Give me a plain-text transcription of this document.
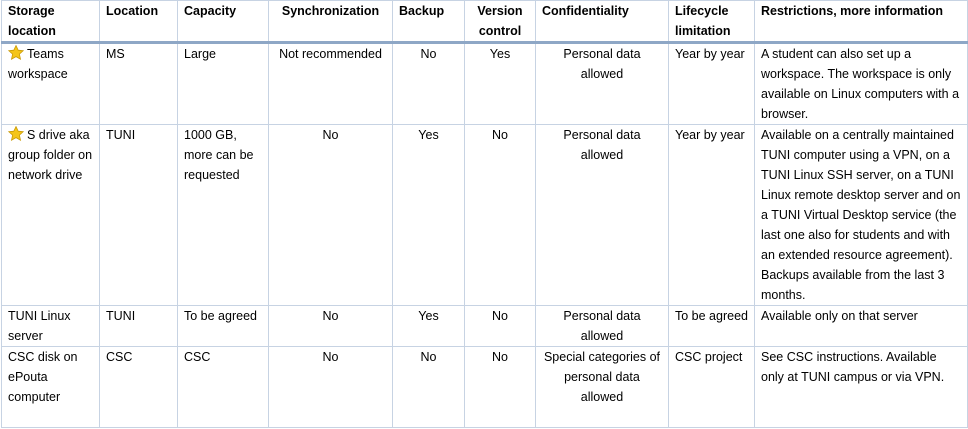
Storage location	Location	Capacity	Synchronization	Backup	Version control	Confidentiality	Lifecycle limitation	Restrictions, more information
Teams workspace	MS	Large	Not recommended	No	Yes	Personal data allowed	Year by year	A student can also set up a workspace. The workspace is only available on Linux computers with a browser.
S drive aka group folder on network drive	TUNI	1000 GB, more can be requested	No	Yes	No	Personal data allowed	Year by year	Available on a centrally maintained TUNI computer using a VPN, on a TUNI Linux SSH server, on a TUNI Linux remote desktop server and on a TUNI Virtual Desktop service (the last one also for students and with an extended resource agreement). Backups available from the last 3 months.
TUNI Linux server	TUNI	To be agreed	No	Yes	No	Personal data allowed	To be agreed	Available only on that server
CSC disk on ePouta computer	CSC	CSC	No	No	No	Special categories of personal data allowed	CSC project	See CSC instructions. Available only at TUNI campus or via VPN.
